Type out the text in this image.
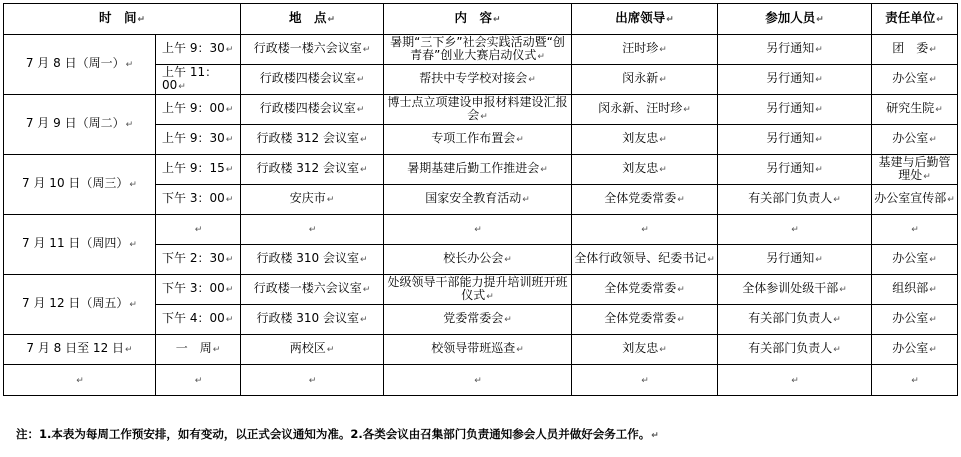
时　间↵		地　点↵	内　容↵	出席领导↵	参加人员↵	责任单位↵
7 月 8 日（周一）↵	上午 9：30↵	行政楼一楼六会议室↵	暑期“三下乡”社会实践活动暨“创青春”创业大赛启动仪式↵	汪时珍↵	另行通知↵	团　委↵
	上午 11：00↵	行政楼四楼会议室↵	帮扶中专学校对接会↵	闵永新↵	另行通知↵	办公室↵
7 月 9 日（周二）↵	上午 9：00↵	行政楼四楼会议室↵	博士点立项建设申报材料建设汇报会↵	闵永新、汪时珍↵	另行通知↵	研究生院↵
	上午 9：30↵	行政楼 312 会议室↵	专项工作布置会↵	刘友忠↵	另行通知↵	办公室↵
7 月 10 日（周三）↵	上午 9：15↵	行政楼 312 会议室↵	暑期基建后勤工作推进会↵	刘友忠↵	另行通知↵	基建与后勤管理处↵
	下午 3：00↵	安庆市↵	国家安全教育活动↵	全体党委常委↵	有关部门负责人↵	办公室宣传部↵
7 月 11 日（周四）↵	↵	↵	↵	↵	↵	↵
	下午 2：30↵	行政楼 310 会议室↵	校长办公会↵	全体行政领导、纪委书记↵	另行通知↵	办公室↵
7 月 12 日（周五）↵	下午 3：00↵	行政楼一楼六会议室↵	处级领导干部能力提升培训班开班仪式↵	全体党委常委↵	全体参训处级干部↵	组织部↵
	下午 4：00↵	行政楼 310 会议室↵	党委常委会↵	全体党委常委↵	有关部门负责人↵	办公室↵
7 月 8 日至 12 日↵	一　周↵	两校区↵	校领导带班巡查↵	刘友忠↵	有关部门负责人↵	办公室↵
↵	↵	↵	↵	↵	↵	↵
注：1.本表为每周工作预安排，如有变动，以正式会议通知为准。2.各类会议由召集部门负责通知参会人员并做好会务工作。↵
